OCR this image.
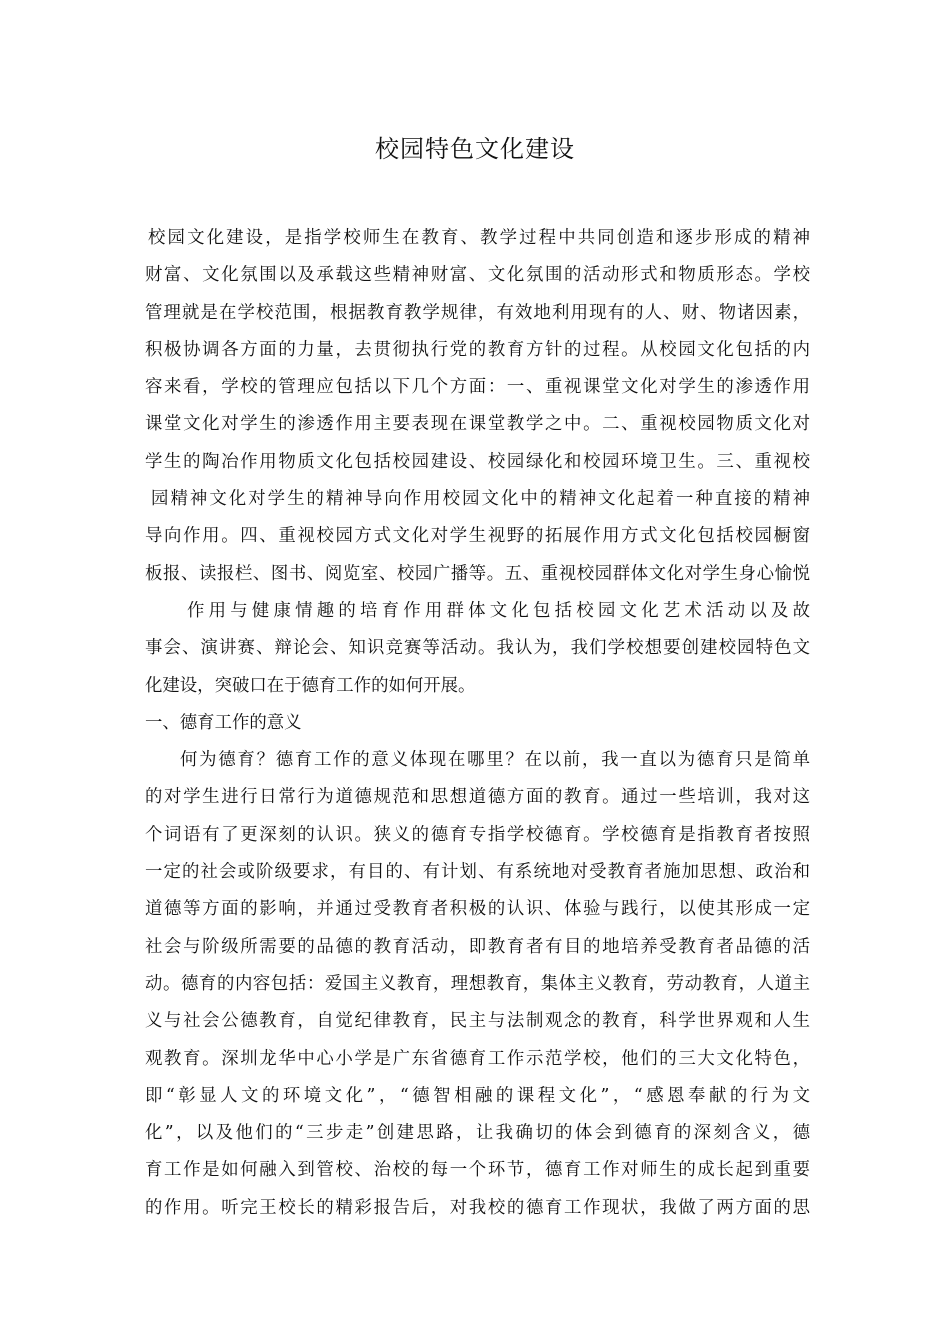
校园特色文化建设
校园文化建设，是指学校师生在教育、教学过程中共同创造和逐步形成的精神
财富、文化氛围以及承载这些精神财富、文化氛围的活动形式和物质形态。学校
管理就是在学校范围，根据教育教学规律，有效地利用现有的人、财、物诸因素，
积极协调各方面的力量，去贯彻执行党的教育方针的过程。从校园文化包括的内
容来看，学校的管理应包括以下几个方面：一、重视课堂文化对学生的渗透作用
课堂文化对学生的渗透作用主要表现在课堂教学之中。二、重视校园物质文化对
学生的陶冶作用物质文化包括校园建设、校园绿化和校园环境卫生。三、重视校
园精神文化对学生的精神导向作用校园文化中的精神文化起着一种直接的精神
导向作用。四、重视校园方式文化对学生视野的拓展作用方式文化包括校园橱窗
板报、读报栏、图书、阅览室、校园广播等。五、重视校园群体文化对学生身心愉悦
作用与健康情趣的培育作用群体文化包括校园文化艺术活动以及故
事会、演讲赛、辩论会、知识竞赛等活动。我认为，我们学校想要创建校园特色文
化建设，突破口在于德育工作的如何开展。
一、德育工作的意义
何为德育？德育工作的意义体现在哪里？在以前，我一直以为德育只是简单
的对学生进行日常行为道德规范和思想道德方面的教育。通过一些培训，我对这
个词语有了更深刻的认识。狭义的德育专指学校德育。学校德育是指教育者按照
一定的社会或阶级要求，有目的、有计划、有系统地对受教育者施加思想、政治和
道德等方面的影响，并通过受教育者积极的认识、体验与践行，以使其形成一定
社会与阶级所需要的品德的教育活动，即教育者有目的地培养受教育者品德的活
动。德育的内容包括：爱国主义教育，理想教育，集体主义教育，劳动教育，人道主
义与社会公德教育，自觉纪律教育，民主与法制观念的教育，科学世界观和人生
观教育。深圳龙华中心小学是广东省德育工作示范学校，他们的三大文化特色，
即“彰显人文的环境文化”，“德智相融的课程文化”，“感恩奉献的行为文
化”，以及他们的“三步走”创建思路，让我确切的体会到德育的深刻含义，德
育工作是如何融入到管校、治校的每一个环节，德育工作对师生的成长起到重要
的作用。听完王校长的精彩报告后，对我校的德育工作现状，我做了两方面的思
